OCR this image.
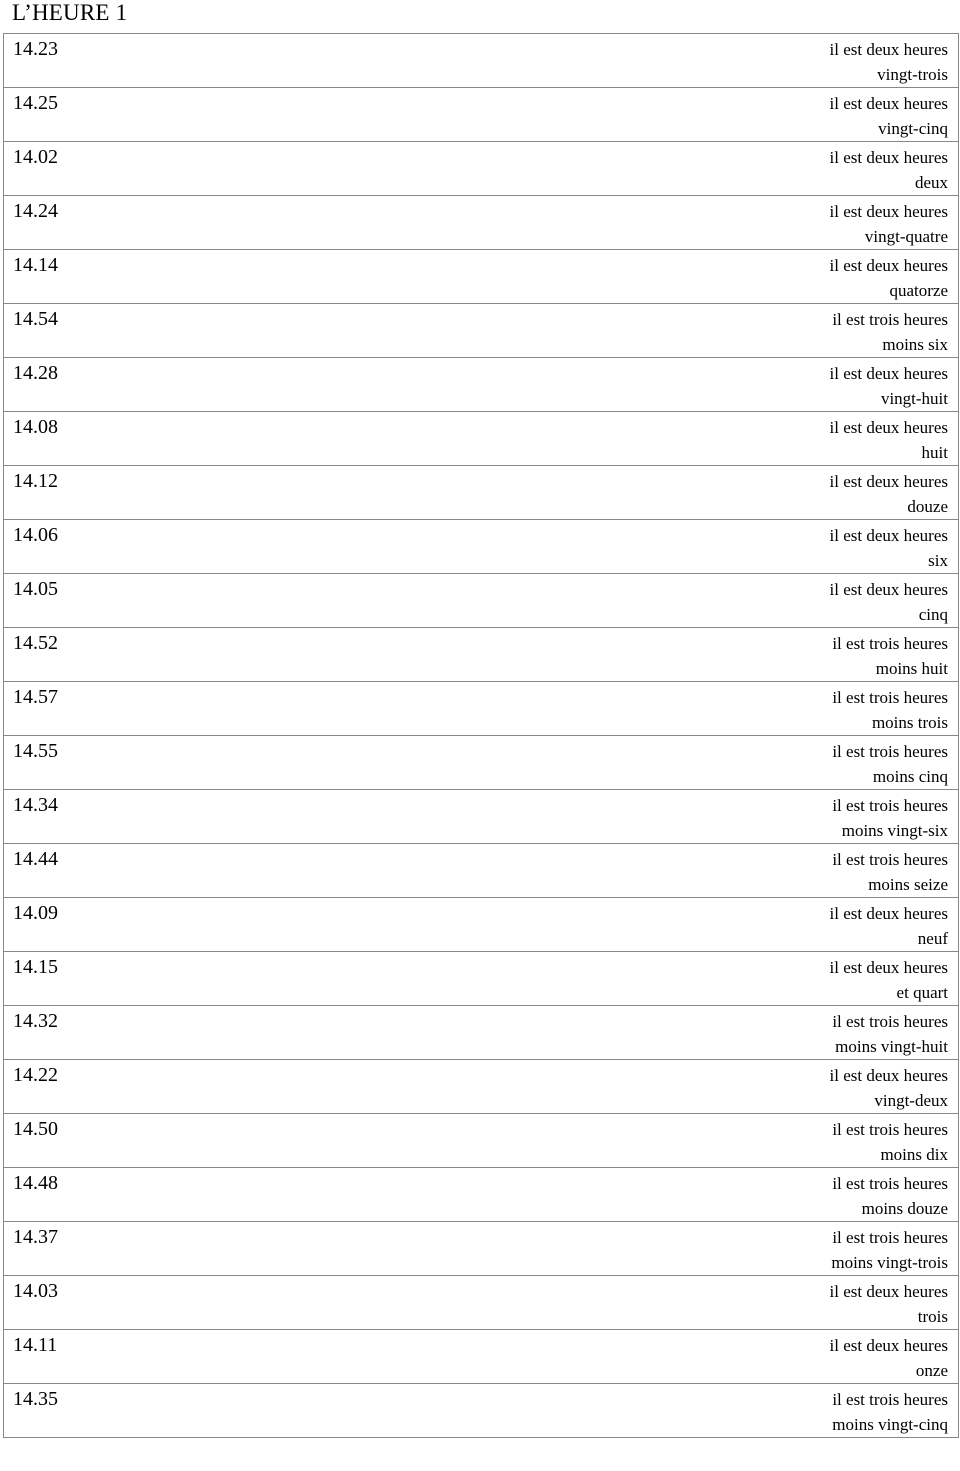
L’HEURE 1
14.23	il est deux heures
vingt-trois

14.25	il est deux heures
vingt-cinq

14.02	il est deux heures
deux

14.24	il est deux heures
vingt-quatre

14.14	il est deux heures
quatorze

14.54	il est trois heures
moins six

14.28	il est deux heures
vingt-huit

14.08	il est deux heures
huit

14.12	il est deux heures
douze

14.06	il est deux heures
six

14.05	il est deux heures
cinq

14.52	il est trois heures
moins huit

14.57	il est trois heures
moins trois

14.55	il est trois heures
moins cinq

14.34	il est trois heures
moins vingt-six

14.44	il est trois heures
moins seize

14.09	il est deux heures
neuf

14.15	il est deux heures
et quart

14.32	il est trois heures
moins vingt-huit

14.22	il est deux heures
vingt-deux

14.50	il est trois heures
moins dix

14.48	il est trois heures
moins douze

14.37	il est trois heures
moins vingt-trois

14.03	il est deux heures
trois

14.11	il est deux heures
onze

14.35	il est trois heures
moins vingt-cinq
